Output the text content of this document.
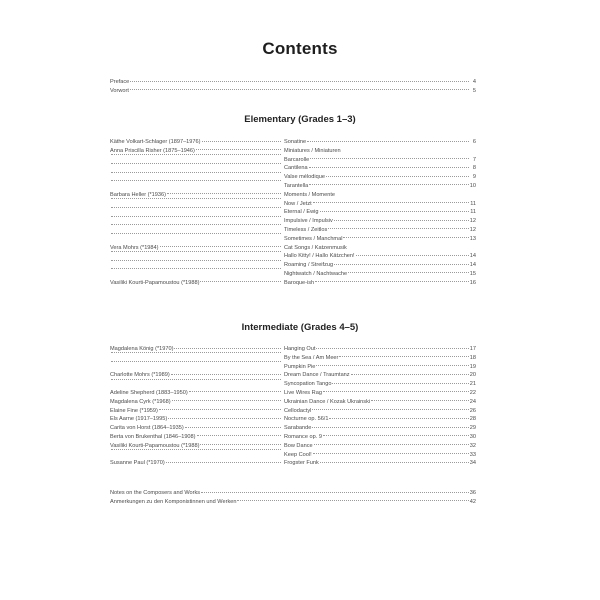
Contents
Preface	4
Vorwort	5
Elementary (Grades 1–3)
Käthe Volkart-Schlager (1897–1976)	Sonatine	6
Anna Priscilla Risher (1875–1946)	Miniatures / Miniaturen
Barcarolle	7
Cantilena	8
Valse mélodique	9
Tarantella	10
Barbara Heller (*1936)	Moments / Momente
Now / Jetzt	11
Eternal / Ewig	11
Impulsive / Impulsiv	12
Timeless / Zeitlos	12
Sometimes / Manchmal	13
Vera Mohrs (*1984)	Cat Songs / Katzenmusik
Hallo Kitty! / Hallo Kätzchen!	14
Roaming / Streifzug	14
Nightwatch / Nachtwache	15
Vasiliki Kourti-Papamoustou (*1988)	Baroque-ish	16
Intermediate (Grades 4–5)
Magdalena König (*1970)	Hanging Out	17
By the Sea / Am Meer	18
Pumpkin Pie	19
Charlotte Mohrs (*1989)	Dream Dance / Traumtanz	20
Syncopation Tango	21
Adeline Shepherd (1883–1950)	Live Wires Rag	22
Magdalena Cyrk (*1968)	Ukrainian Dance / Kozak Ukrainski	24
Elaine Fine (*1959)	Cellodactyl	26
Els Aarne (1917–1995)	Nocturne op. 56/1	28
Carita von Horst (1864–1935)	Sarabande	29
Berta von Brukenthal (1846–1908)	Romance op. 9	30
Vasiliki Kourti-Papamoustou (*1988)	Bow Dance	32
Keep Cool!	33
Susanne Paul (*1970)	Frogster Funk	34
Notes on the Composers and Works	36
Anmerkungen zu den Komponistinnen und Werken	42
